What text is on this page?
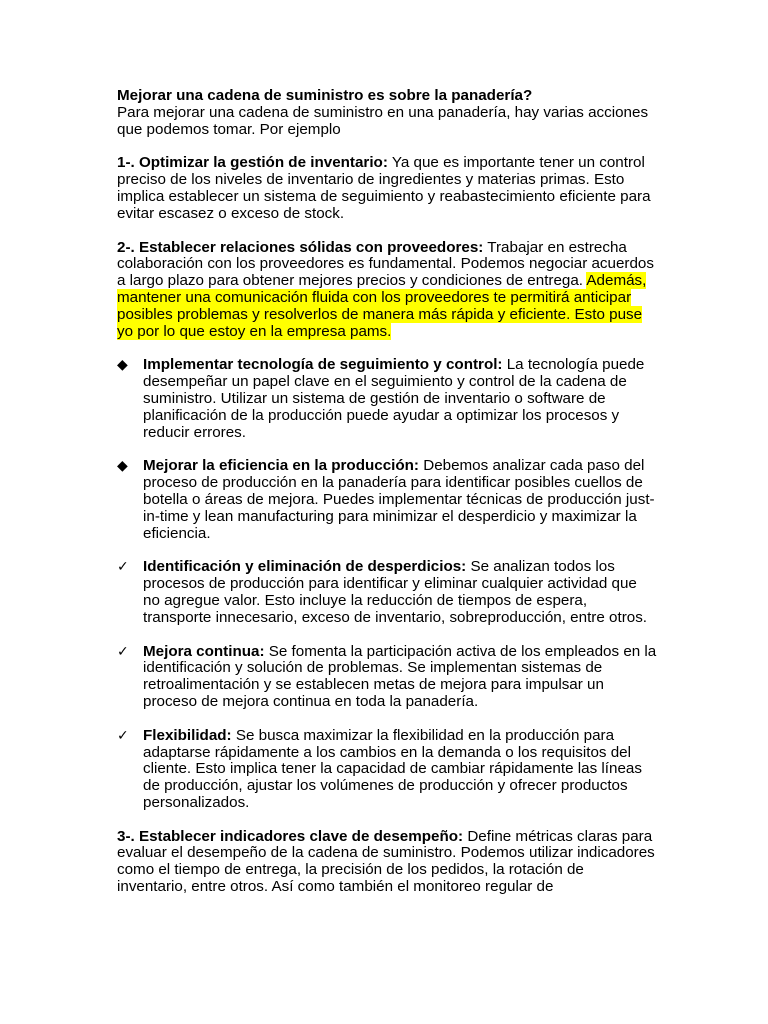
Mejorar una cadena de suministro es sobre la panadería?
Para mejorar una cadena de suministro en una panadería, hay varias acciones que podemos tomar. Por ejemplo

1-. Optimizar la gestión de inventario: Ya que es importante tener un control preciso de los niveles de inventario de ingredientes y materias primas. Esto implica establecer un sistema de seguimiento y reabastecimiento eficiente para evitar escasez o exceso de stock.

2-. Establecer relaciones sólidas con proveedores: Trabajar en estrecha colaboración con los proveedores es fundamental. Podemos negociar acuerdos a largo plazo para obtener mejores precios y condiciones de entrega. Además, mantener una comunicación fluida con los proveedores te permitirá anticipar posibles problemas y resolverlos de manera más rápida y eficiente. Esto puse yo por lo que estoy en la empresa pams.

◆	Implementar tecnología de seguimiento y control: La tecnología puede desempeñar un papel clave en el seguimiento y control de la cadena de suministro. Utilizar un sistema de gestión de inventario o software de planificación de la producción puede ayudar a optimizar los procesos y reducir errores.
◆	Mejorar la eficiencia en la producción: Debemos analizar cada paso del proceso de producción en la panadería para identificar posibles cuellos de botella o áreas de mejora. Puedes implementar técnicas de producción just-in-time y lean manufacturing para minimizar el desperdicio y maximizar la eficiencia.
✓ Identificación y eliminación de desperdicios: Se analizan todos los procesos de producción para identificar y eliminar cualquier actividad que no agregue valor. Esto incluye la reducción de tiempos de espera, transporte innecesario, exceso de inventario, sobreproducción, entre otros.
✓ Mejora continua: Se fomenta la participación activa de los empleados en la identificación y solución de problemas. Se implementan sistemas de retroalimentación y se establecen metas de mejora para impulsar un proceso de mejora continua en toda la panadería.
✓ Flexibilidad: Se busca maximizar la flexibilidad en la producción para adaptarse rápidamente a los cambios en la demanda o los requisitos del cliente. Esto implica tener la capacidad de cambiar rápidamente las líneas de producción, ajustar los volúmenes de producción y ofrecer productos personalizados.

3-. Establecer indicadores clave de desempeño: Define métricas claras para evaluar el desempeño de la cadena de suministro. Podemos utilizar indicadores como el tiempo de entrega, la precisión de los pedidos, la rotación de inventario, entre otros. Así como también el monitoreo regular de
